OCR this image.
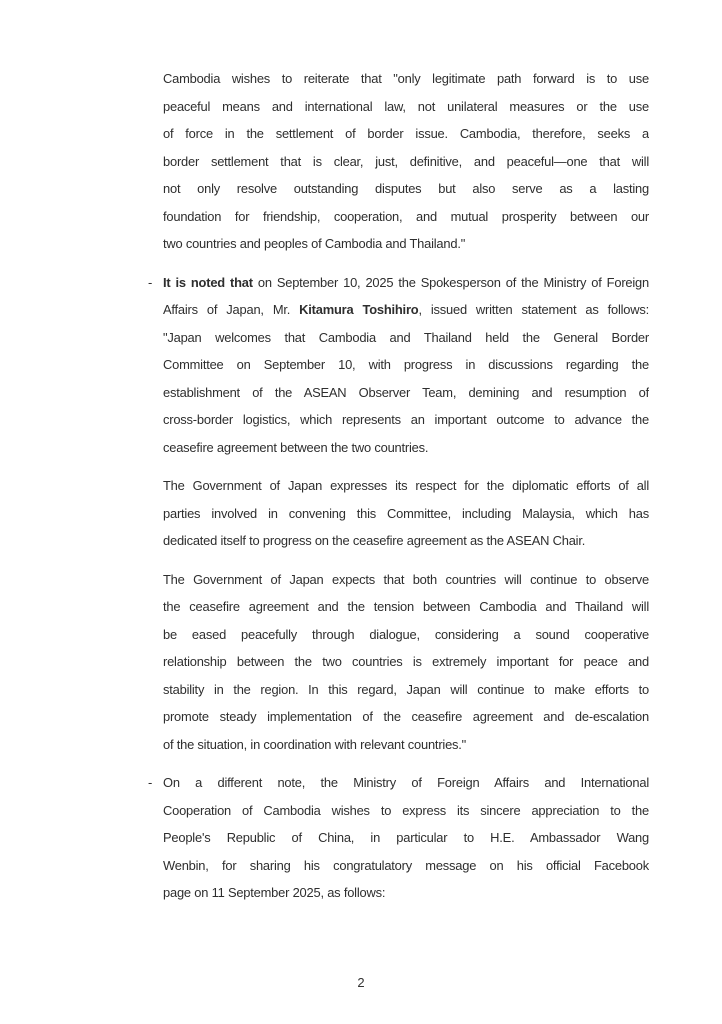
Cambodia wishes to reiterate that "only legitimate path forward is to use
peaceful means and international law, not unilateral measures or the use
of force in the settlement of border issue. Cambodia, therefore, seeks a
border settlement that is clear, just, definitive, and peaceful—one that will
not only resolve outstanding disputes but also serve as a lasting
foundation for friendship, cooperation, and mutual prosperity between our
two countries and peoples of Cambodia and Thailand."
- It is noted that on September 10, 2025 the Spokesperson of the Ministry of Foreign
Affairs of Japan, Mr. Kitamura Toshihiro, issued written statement as follows:
"Japan welcomes that Cambodia and Thailand held the General Border
Committee on September 10, with progress in discussions regarding the
establishment of the ASEAN Observer Team, demining and resumption of
cross-border logistics, which represents an important outcome to advance the
ceasefire agreement between the two countries.
The Government of Japan expresses its respect for the diplomatic efforts of all
parties involved in convening this Committee, including Malaysia, which has
dedicated itself to progress on the ceasefire agreement as the ASEAN Chair.
The Government of Japan expects that both countries will continue to observe
the ceasefire agreement and the tension between Cambodia and Thailand will
be eased peacefully through dialogue, considering a sound cooperative
relationship between the two countries is extremely important for peace and
stability in the region. In this regard, Japan will continue to make efforts to
promote steady implementation of the ceasefire agreement and de-escalation
of the situation, in coordination with relevant countries."
- On a different note, the Ministry of Foreign Affairs and International
Cooperation of Cambodia wishes to express its sincere appreciation to the
People's Republic of China, in particular to H.E. Ambassador Wang
Wenbin, for sharing his congratulatory message on his official Facebook
page on 11 September 2025, as follows:
2
